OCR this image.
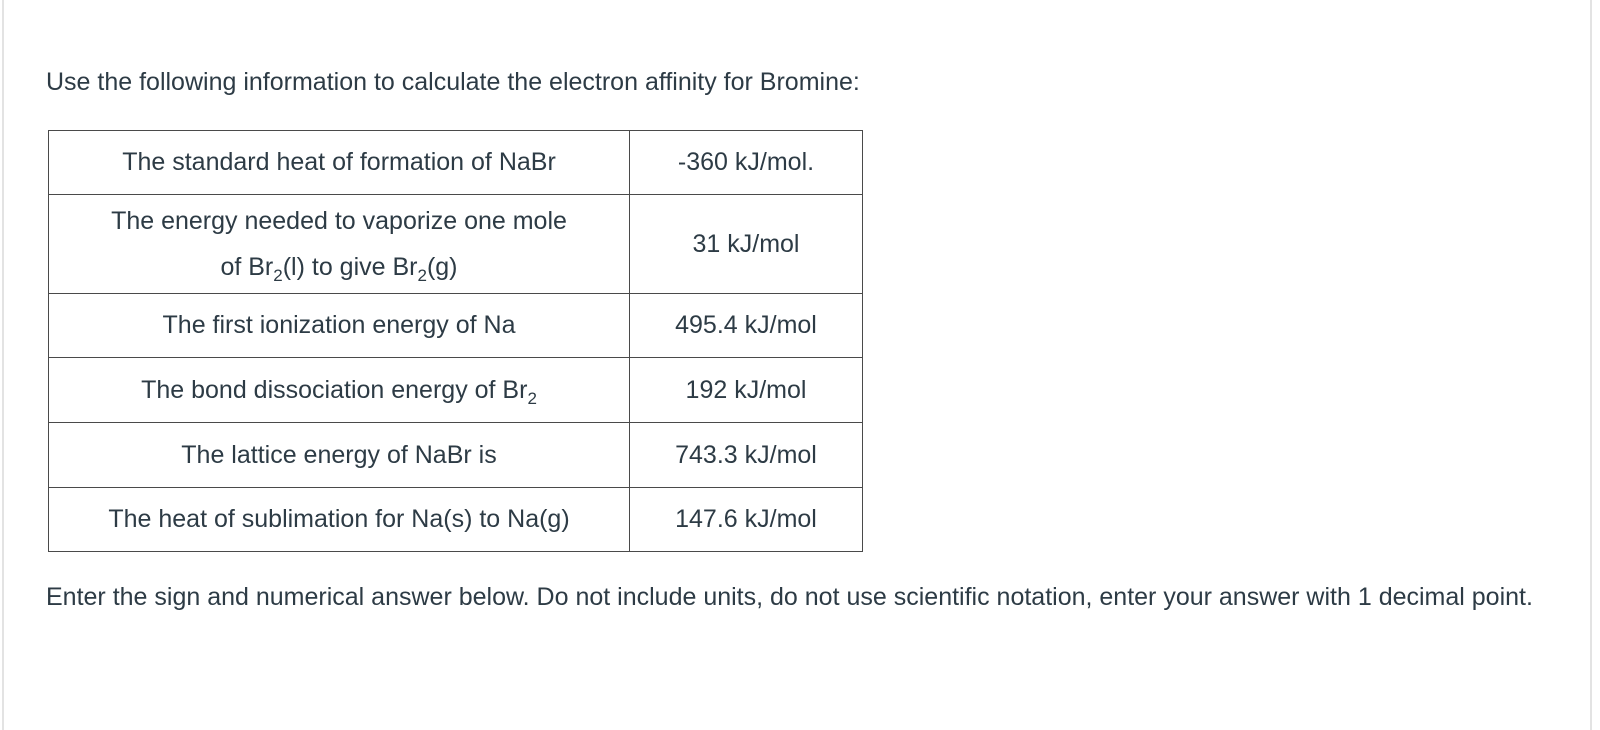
Use the following information to calculate the electron affinity for Bromine:

The standard heat of formation of NaBr	-360 kJ/mol.
The energy needed to vaporize one mole
of $Br_2(l)$ to give $Br_2(g)$	31 kJ/mol
The first ionization energy of Na	495.4 kJ/mol
The bond dissociation energy of $Br_2$	192 kJ/mol
The lattice energy of NaBr is	743.3 kJ/mol
The heat of sublimation for Na(s) to Na(g)	147.6 kJ/mol

Enter the sign and numerical answer below. Do not include units, do not use scientific notation, enter your answer with 1 decimal point.
